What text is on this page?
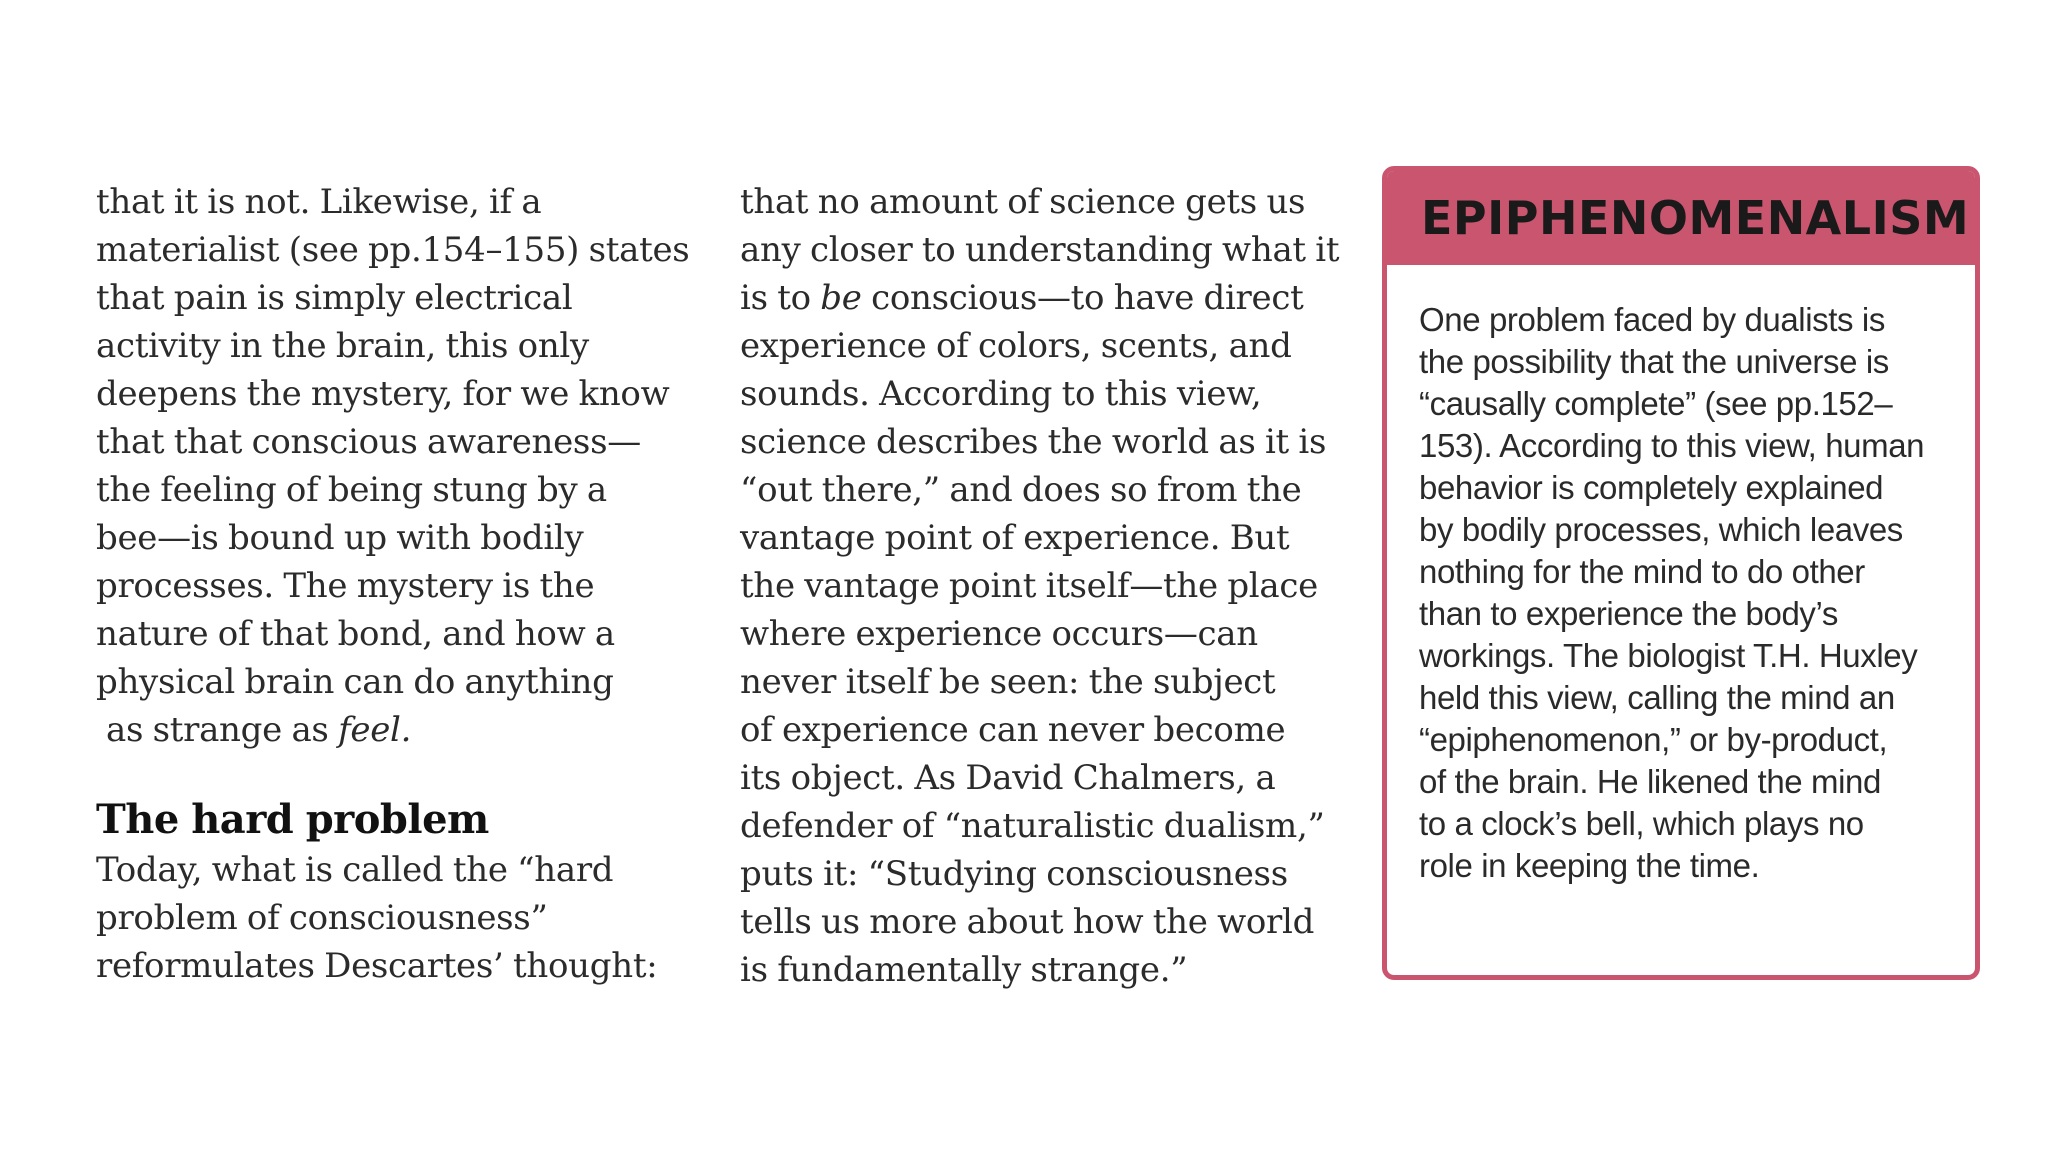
that it is not. Likewise, if a
materialist (see pp.154–155) states
that pain is simply electrical
activity in the brain, this only
deepens the mystery, for we know
that that conscious awareness—
the feeling of being stung by a
bee—is bound up with bodily
processes. The mystery is the
nature of that bond, and how a
physical brain can do anything
as strange as feel.
The hard problem
Today, what is called the “hard
problem of consciousness”
reformulates Descartes’ thought:
that no amount of science gets us
any closer to understanding what it
is to be conscious—to have direct
experience of colors, scents, and
sounds. According to this view,
science describes the world as it is
“out there,” and does so from the
vantage point of experience. But
the vantage point itself—the place
where experience occurs—can
never itself be seen: the subject
of experience can never become
its object. As David Chalmers, a
defender of “naturalistic dualism,”
puts it: “Studying consciousness
tells us more about how the world
is fundamentally strange.”
EPIPHENOMENALISM
One problem faced by dualists is
the possibility that the universe is
“causally complete” (see pp.152–
153). According to this view, human
behavior is completely explained
by bodily processes, which leaves
nothing for the mind to do other
than to experience the body’s
workings. The biologist T.H. Huxley
held this view, calling the mind an
“epiphenomenon,” or by-product,
of the brain. He likened the mind
to a clock’s bell, which plays no
role in keeping the time.
